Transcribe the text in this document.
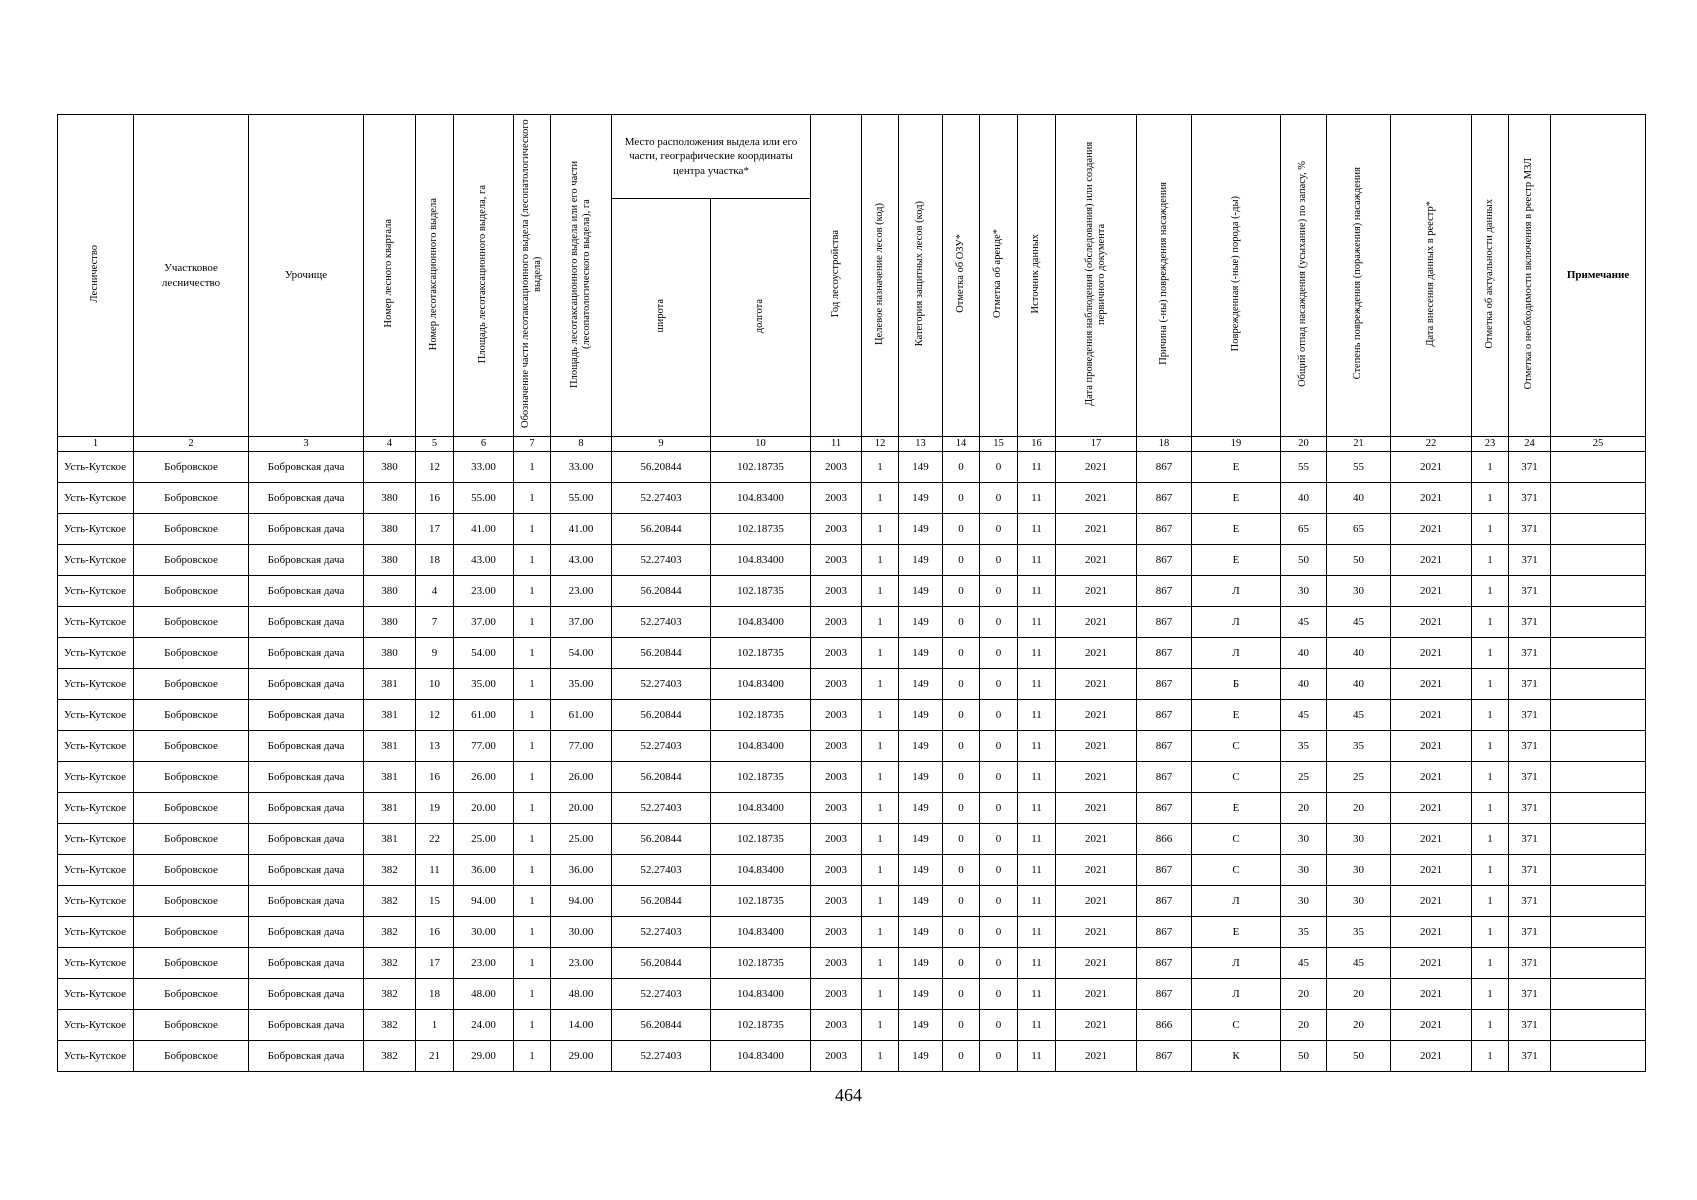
Лесничество	Участковое лесничество	Урочище	Номер лесного квартала	Номер лесотаксационного выдела	Площадь лесотаксационного выдела, га	Обозначение части лесотаксационного выдела (лесопатологического выдела)	Площадь лесотаксационного выдела или его части (лесопатологического выдела), га	Место расположения выдела или его части, географические координаты центра участка*		Год лесоустройства	Целевое назначение лесов (код)	Категория защитных лесов (код)	Отметка об ОЗУ*	Отметка об аренде*	Источник данных	Дата проведения наблюдения (обследования) или создания первичного документа	Причина (-ны) повреждения насаждения	Поврежденная (-ные) порода (-ды)	Общий отпад насаждения (усыхание) по запасу, %	Степень повреждения (поражения) насаждения	Дата внесения данных в реестр*	Отметка об актуальности данных	Отметка о необходимости включения в реестр МЗЛ	Примечание
								широта	долгота															
1	2	3	4	5	6	7	8	9	10	11	12	13	14	15	16	17	18	19	20	21	22	23	24	25
Усть-Кутское	Бобровское	Бобровская дача	380	12	33.00	1	33.00	56.20844	102.18735	2003	1	149	0	0	11	2021	867	Е	55	55	2021	1	371	
Усть-Кутское	Бобровское	Бобровская дача	380	16	55.00	1	55.00	52.27403	104.83400	2003	1	149	0	0	11	2021	867	Е	40	40	2021	1	371	
Усть-Кутское	Бобровское	Бобровская дача	380	17	41.00	1	41.00	56.20844	102.18735	2003	1	149	0	0	11	2021	867	Е	65	65	2021	1	371	
Усть-Кутское	Бобровское	Бобровская дача	380	18	43.00	1	43.00	52.27403	104.83400	2003	1	149	0	0	11	2021	867	Е	50	50	2021	1	371	
Усть-Кутское	Бобровское	Бобровская дача	380	4	23.00	1	23.00	56.20844	102.18735	2003	1	149	0	0	11	2021	867	Л	30	30	2021	1	371	
Усть-Кутское	Бобровское	Бобровская дача	380	7	37.00	1	37.00	52.27403	104.83400	2003	1	149	0	0	11	2021	867	Л	45	45	2021	1	371	
Усть-Кутское	Бобровское	Бобровская дача	380	9	54.00	1	54.00	56.20844	102.18735	2003	1	149	0	0	11	2021	867	Л	40	40	2021	1	371	
Усть-Кутское	Бобровское	Бобровская дача	381	10	35.00	1	35.00	52.27403	104.83400	2003	1	149	0	0	11	2021	867	Б	40	40	2021	1	371	
Усть-Кутское	Бобровское	Бобровская дача	381	12	61.00	1	61.00	56.20844	102.18735	2003	1	149	0	0	11	2021	867	Е	45	45	2021	1	371	
Усть-Кутское	Бобровское	Бобровская дача	381	13	77.00	1	77.00	52.27403	104.83400	2003	1	149	0	0	11	2021	867	С	35	35	2021	1	371	
Усть-Кутское	Бобровское	Бобровская дача	381	16	26.00	1	26.00	56.20844	102.18735	2003	1	149	0	0	11	2021	867	С	25	25	2021	1	371	
Усть-Кутское	Бобровское	Бобровская дача	381	19	20.00	1	20.00	52.27403	104.83400	2003	1	149	0	0	11	2021	867	Е	20	20	2021	1	371	
Усть-Кутское	Бобровское	Бобровская дача	381	22	25.00	1	25.00	56.20844	102.18735	2003	1	149	0	0	11	2021	866	С	30	30	2021	1	371	
Усть-Кутское	Бобровское	Бобровская дача	382	11	36.00	1	36.00	52.27403	104.83400	2003	1	149	0	0	11	2021	867	С	30	30	2021	1	371	
Усть-Кутское	Бобровское	Бобровская дача	382	15	94.00	1	94.00	56.20844	102.18735	2003	1	149	0	0	11	2021	867	Л	30	30	2021	1	371	
Усть-Кутское	Бобровское	Бобровская дача	382	16	30.00	1	30.00	52.27403	104.83400	2003	1	149	0	0	11	2021	867	Е	35	35	2021	1	371	
Усть-Кутское	Бобровское	Бобровская дача	382	17	23.00	1	23.00	56.20844	102.18735	2003	1	149	0	0	11	2021	867	Л	45	45	2021	1	371	
Усть-Кутское	Бобровское	Бобровская дача	382	18	48.00	1	48.00	52.27403	104.83400	2003	1	149	0	0	11	2021	867	Л	20	20	2021	1	371	
Усть-Кутское	Бобровское	Бобровская дача	382	1	24.00	1	14.00	56.20844	102.18735	2003	1	149	0	0	11	2021	866	С	20	20	2021	1	371	
Усть-Кутское	Бобровское	Бобровская дача	382	21	29.00	1	29.00	52.27403	104.83400	2003	1	149	0	0	11	2021	867	К	50	50	2021	1	371	
464
